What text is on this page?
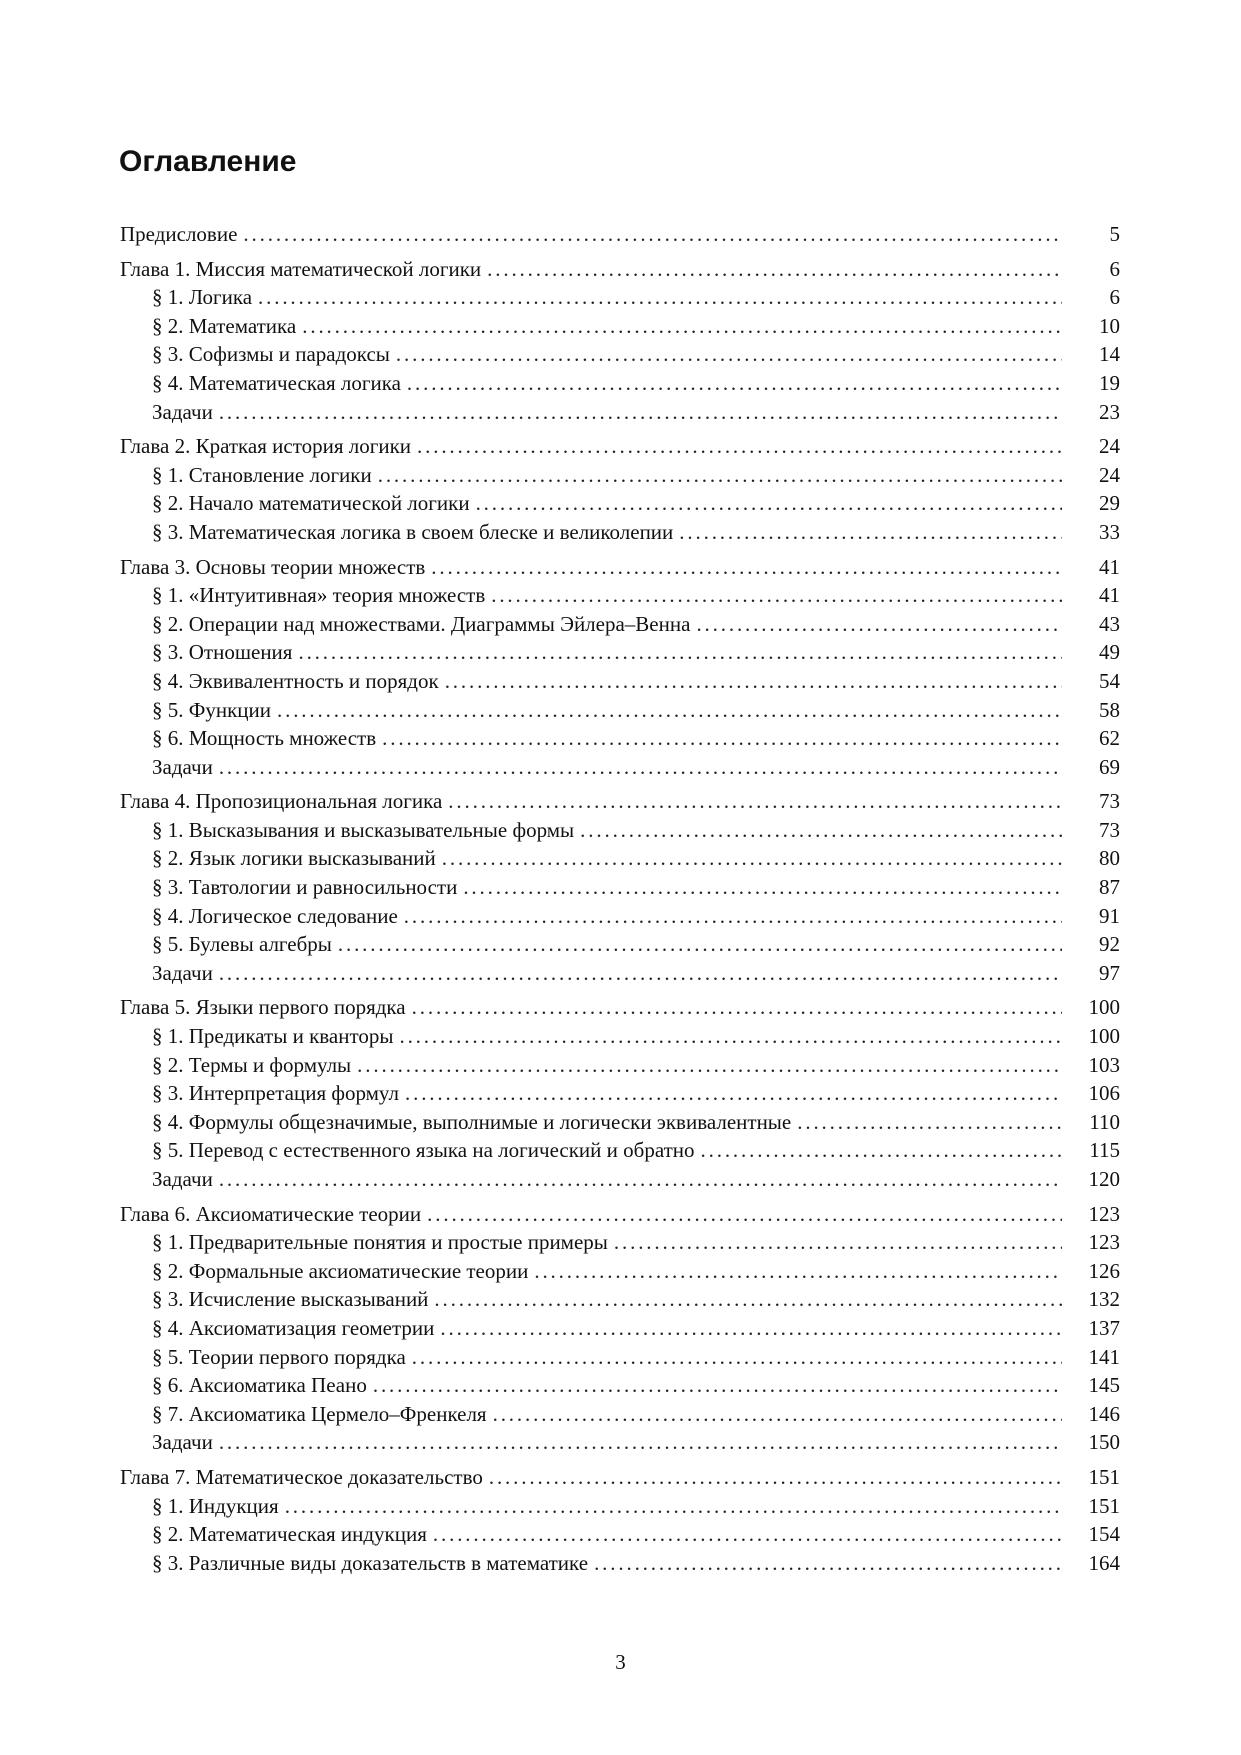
Оглавление
Предисловие . . .	5
Глава 1. Миссия математической логики . . .	6
§ 1. Логика . . .	6
§ 2. Математика . . .	10
§ 3. Софизмы и парадоксы . . .	14
§ 4. Математическая логика . . .	19
Задачи . . .	23
Глава 2. Краткая история логики . . .	24
§ 1. Становление логики . . .	24
§ 2. Начало математической логики . . .	29
§ 3. Математическая логика в своем блеске и великолепии . . .	33
Глава 3. Основы теории множеств . . .	41
§ 1. «Интуитивная» теория множеств . . .	41
§ 2. Операции над множествами. Диаграммы Эйлера–Венна . . .	43
§ 3. Отношения . . .	49
§ 4. Эквивалентность и порядок . . .	54
§ 5. Функции . . .	58
§ 6. Мощность множеств . . .	62
Задачи . . .	69
Глава 4. Пропозициональная логика . . .	73
§ 1. Высказывания и высказывательные формы . . .	73
§ 2. Язык логики высказываний . . .	80
§ 3. Тавтологии и равносильности . . .	87
§ 4. Логическое следование . . .	91
§ 5. Булевы алгебры . . .	92
Задачи . . .	97
Глава 5. Языки первого порядка . . .	100
§ 1. Предикаты и кванторы . . .	100
§ 2. Термы и формулы . . .	103
§ 3. Интерпретация формул . . .	106
§ 4. Формулы общезначимые, выполнимые и логически эквивалентные . . .	110
§ 5. Перевод с естественного языка на логический и обратно . . .	115
Задачи . . .	120
Глава 6. Аксиоматические теории . . .	123
§ 1. Предварительные понятия и простые примеры . . .	123
§ 2. Формальные аксиоматические теории . . .	126
§ 3. Исчисление высказываний . . .	132
§ 4. Аксиоматизация геометрии . . .	137
§ 5. Теории первого порядка . . .	141
§ 6. Аксиоматика Пеано . . .	145
§ 7. Аксиоматика Цермело–Френкеля . . .	146
Задачи . . .	150
Глава 7. Математическое доказательство . . .	151
§ 1. Индукция . . .	151
§ 2. Математическая индукция . . .	154
§ 3. Различные виды доказательств в математике . . .	164
3
